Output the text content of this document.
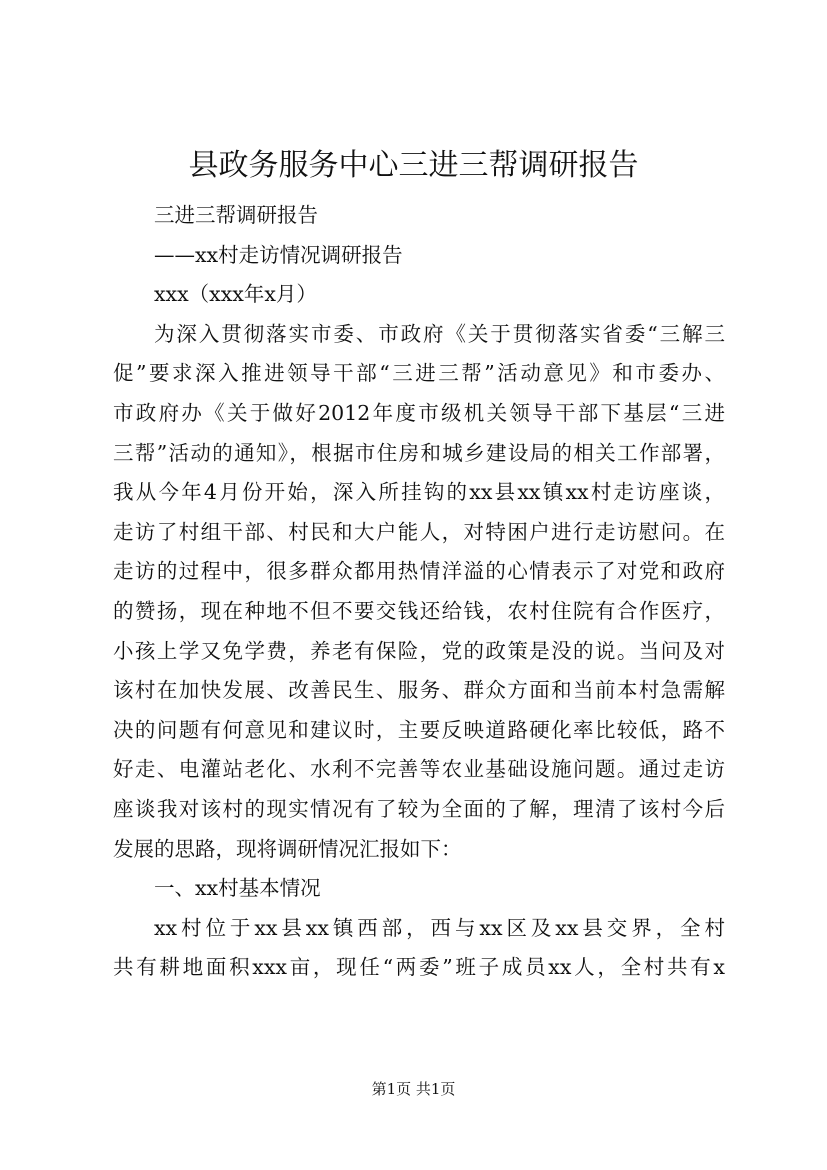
县政务服务中心三进三帮调研报告
三进三帮调研报告
——xx村走访情况调研报告
xxx（xxx年x月）
为深入贯彻落实市委、市政府《关于贯彻落实省委“三解三
促”要求深入推进领导干部“三进三帮”活动意见》和市委办、
市政府办《关于做好2012年度市级机关领导干部下基层“三进
三帮”活动的通知》，根据市住房和城乡建设局的相关工作部署，
我从今年4月份开始，深入所挂钩的xx县xx镇xx村走访座谈，
走访了村组干部、村民和大户能人，对特困户进行走访慰问。在
走访的过程中，很多群众都用热情洋溢的心情表示了对党和政府
的赞扬，现在种地不但不要交钱还给钱，农村住院有合作医疗，
小孩上学又免学费，养老有保险，党的政策是没的说。当问及对
该村在加快发展、改善民生、服务、群众方面和当前本村急需解
决的问题有何意见和建议时，主要反映道路硬化率比较低，路不
好走、电灌站老化、水利不完善等农业基础设施问题。通过走访
座谈我对该村的现实情况有了较为全面的了解，理清了该村今后
发展的思路，现将调研情况汇报如下：
一、xx村基本情况
xx村位于xx县xx镇西部，西与xx区及xx县交界，全村
共有耕地面积xxx亩，现任“两委”班子成员xx人，全村共有x
第1页 共1页
